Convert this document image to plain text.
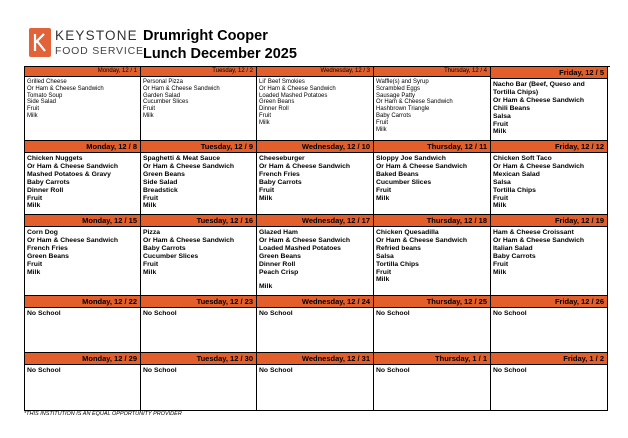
KEYSTONE
FOOD SERVICE
Drumright Cooper
Lunch December 2025
Monday, 12 / 1
Grilled Cheese
Or Ham & Cheese Sandwich
Tomato Soup
Side Salad
Fruit
Milk
Tuesday, 12 / 2
Personal Pizza
Or Ham & Cheese Sandwich
Garden Salad
Cucumber Slices
Fruit
Milk
Wednesday, 12 / 3
Lil' Beef Smokies
Or Ham & Cheese Sandwich
Loaded Mashed Potatoes
Green Beans
Dinner Roll
Fruit
Milk
Thursday, 12 / 4
Waffle(s) and Syrup
Scrambled Eggs
Sausage Patty
Or Ham & Cheese Sandwich
Hashbrown Triangle
Baby Carrots
Fruit
Milk
Friday, 12 / 5
Nacho Bar (Beef, Queso and Tortilla Chips)
Or Ham & Cheese Sandwich
Chili Beans
Salsa
Fruit
Milk
Monday, 12 / 8
Chicken Nuggets
Or Ham & Cheese Sandwich
Mashed Potatoes & Gravy
Baby Carrots
Dinner Roll
Fruit
Milk
Tuesday, 12 / 9
Spaghetti & Meat Sauce
Or Ham & Cheese Sandwich
Green Beans
Side Salad
Breadstick
Fruit
Milk
Wednesday, 12 / 10
Cheeseburger
Or Ham & Cheese Sandwich
French Fries
Baby Carrots
Fruit
Milk
Thursday, 12 / 11
Sloppy Joe Sandwich
Or Ham & Cheese Sandwich
Baked Beans
Cucumber Slices
Fruit
Milk
Friday, 12 / 12
Chicken Soft Taco
Or Ham & Cheese Sandwich
Mexican Salad
Salsa
Tortilla Chips
Fruit
Milk
Monday, 12 / 15
Corn Dog
Or Ham & Cheese Sandwich
French Fries
Green Beans
Fruit
Milk
Tuesday, 12 / 16
Pizza
Or Ham & Cheese Sandwich
Baby Carrots
Cucumber Slices
Fruit
Milk
Wednesday, 12 / 17
Glazed Ham
Or Ham & Cheese Sandwich
Loaded Mashed Potatoes
Green Beans
Dinner Roll
Peach Crisp
Milk
Thursday, 12 / 18
Chicken Quesadilla
Or Ham & Cheese Sandwich
Refried beans
Salsa
Tortilla Chips
Fruit
Milk
Friday, 12 / 19
Ham & Cheese Croissant
Or Ham & Cheese Sandwich
Italian Salad
Baby Carrots
Fruit
Milk
Monday, 12 / 22
No School
Tuesday, 12 / 23
No School
Wednesday, 12 / 24
No School
Thursday, 12 / 25
No School
Friday, 12 / 26
No School
Monday, 12 / 29
No School
Tuesday, 12 / 30
No School
Wednesday, 12 / 31
No School
Thursday, 1 / 1
No School
Friday, 1 / 2
No School
*THIS INSTITUTION IS AN EQUAL OPPORTUNITY PROVIDER
